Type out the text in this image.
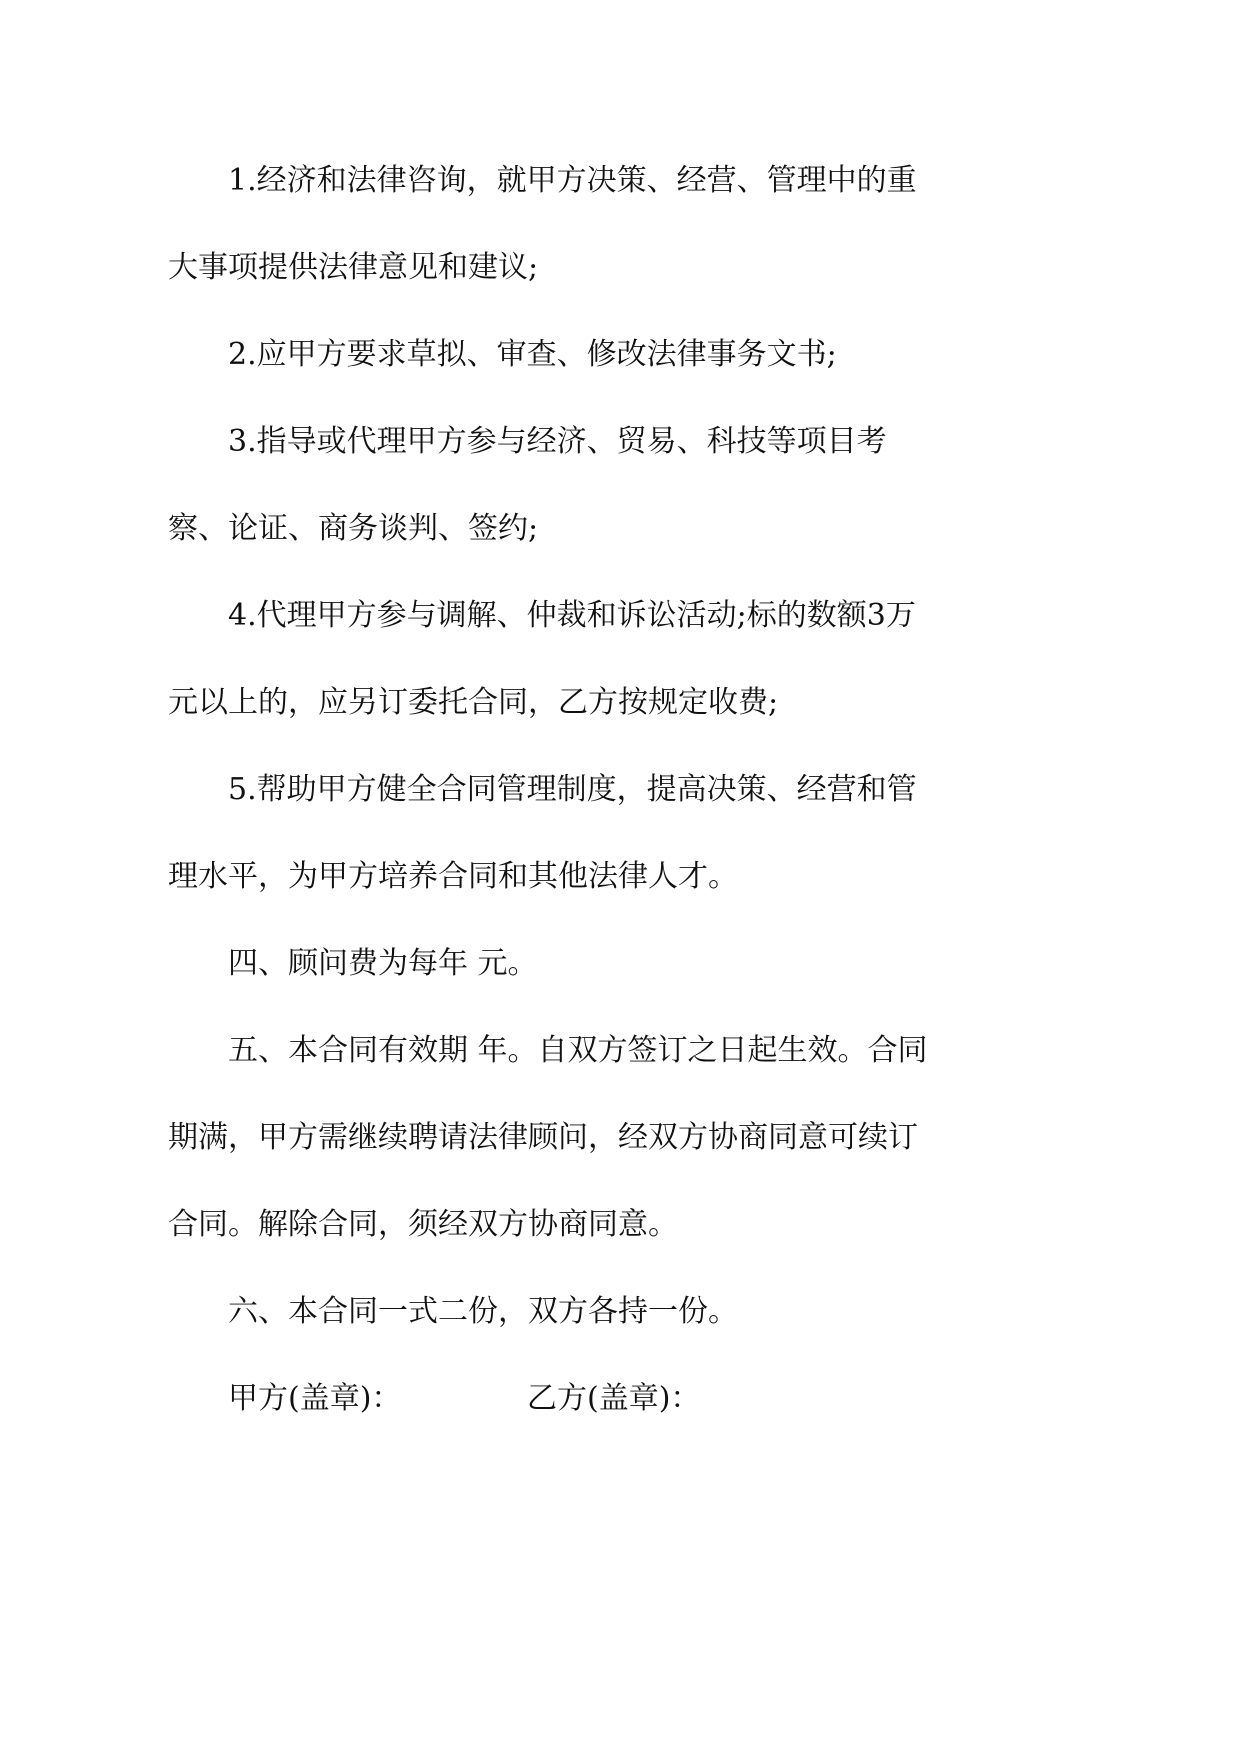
1.经济和法律咨询，就甲方决策、经营、管理中的重
大事项提供法律意见和建议;
2.应甲方要求草拟、审查、修改法律事务文书;
3.指导或代理甲方参与经济、贸易、科技等项目考
察、论证、商务谈判、签约;
4.代理甲方参与调解、仲裁和诉讼活动;标的数额3万
元以上的，应另订委托合同，乙方按规定收费;
5.帮助甲方健全合同管理制度，提高决策、经营和管
理水平，为甲方培养合同和其他法律人才。
四、顾问费为每年 元。
五、本合同有效期 年。自双方签订之日起生效。合同
期满，甲方需继续聘请法律顾问，经双方协商同意可续订
合同。解除合同，须经双方协商同意。
六、本合同一式二份，双方各持一份。
甲方(盖章)：	乙方(盖章)：
